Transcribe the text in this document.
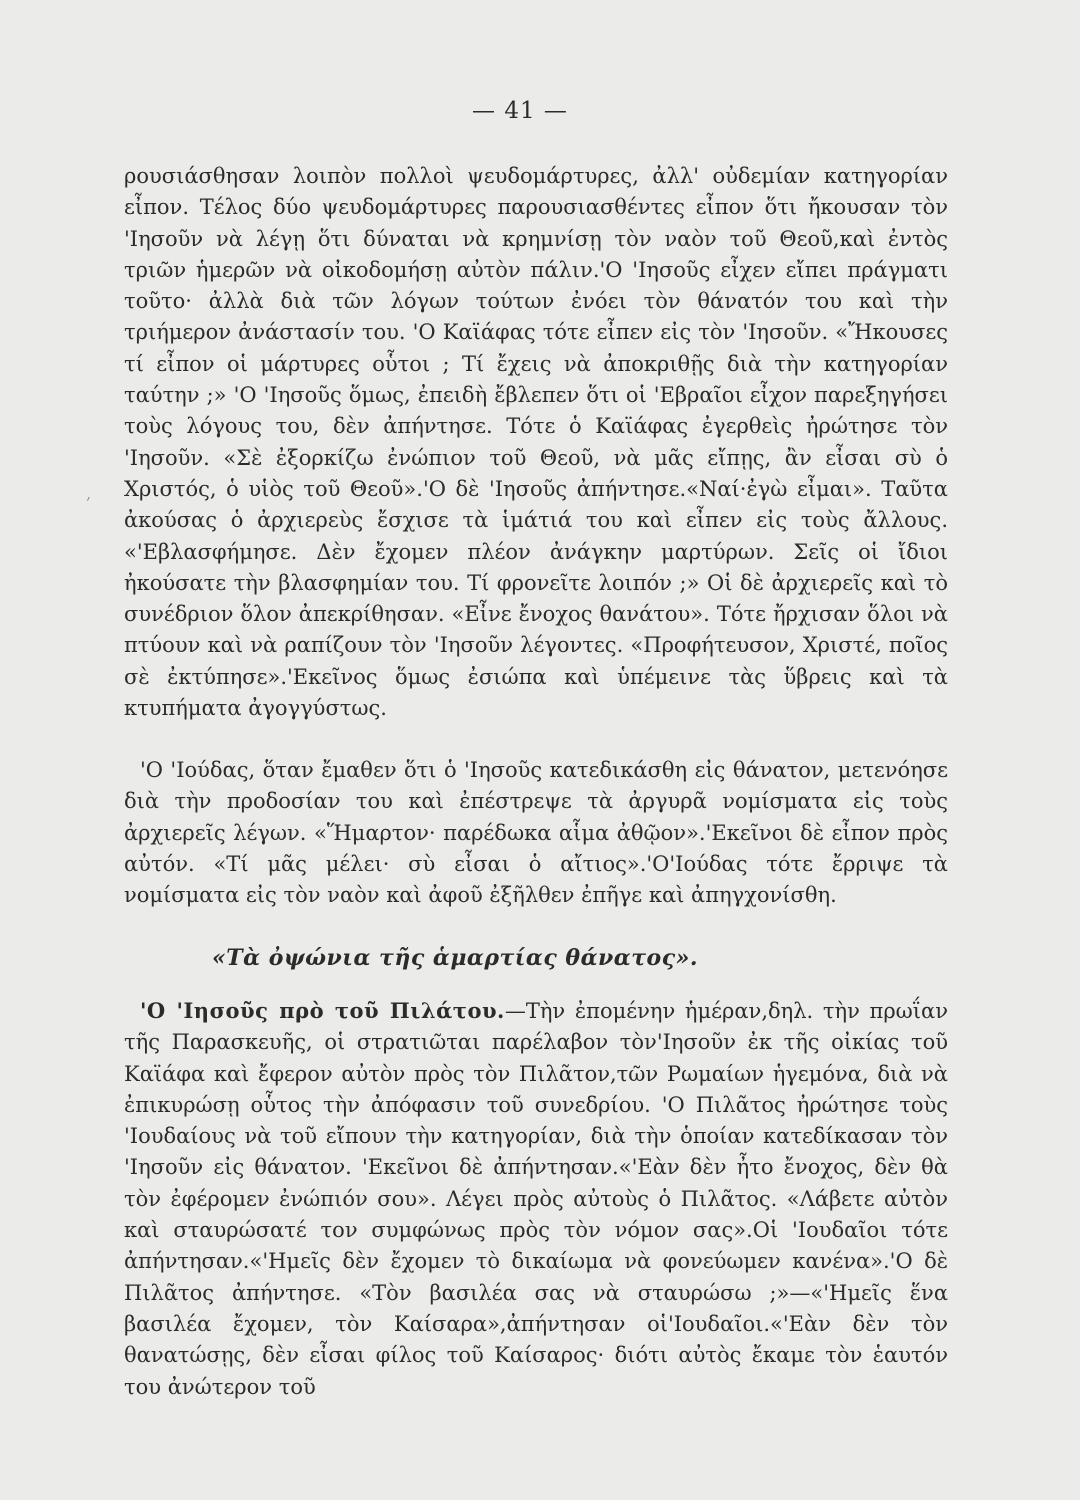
— 41 —
,
ρουσιάσθησαν λοιπὸν πολλοὶ ψευδομάρτυρες, ἀλλ' οὐδεμίαν κατηγορίαν εἶπον. Τέλος δύο ψευδομάρτυρες παρουσιασθέντες εἶπον ὅτι ἤκουσαν τὸν 'Ιησοῦν νὰ λέγῃ ὅτι δύναται νὰ κρημνίσῃ τὸν ναὸν τοῦ Θεοῦ,καὶ ἐντὸς τριῶν ἡμερῶν νὰ οἰκοδομήσῃ αὐτὸν πάλιν.'Ο 'Ιησοῦς εἶχεν εἴπει πράγματι τοῦτο· ἀλλὰ διὰ τῶν λόγων τούτων ἐνόει τὸν θάνατόν του καὶ τὴν τριήμερον ἀνάστασίν του. 'Ο Καϊάφας τότε εἶπεν εἰς τὸν 'Ιησοῦν. «Ἤκουσες τί εἶπον οἱ μάρτυρες οὗτοι ; Τί ἔχεις νὰ ἀποκριθῇς διὰ τὴν κατηγορίαν ταύτην ;» 'Ο 'Ιησοῦς ὅμως, ἐπειδὴ ἔβλεπεν ὅτι οἱ 'Εβραῖοι εἶχον παρεξηγήσει τοὺς λόγους του, δὲν ἀπήντησε. Τότε ὁ Καϊάφας ἐγερθεὶς ἠρώτησε τὸν 'Ιησοῦν. «Σὲ ἐξορκίζω ἐνώπιον τοῦ Θεοῦ, νὰ μᾶς εἴπῃς, ἂν εἶσαι σὺ ὁ Χριστός, ὁ υἱὸς τοῦ Θεοῦ».'Ο δὲ 'Ιησοῦς ἀπήντησε.«Ναί·ἐγὼ εἶμαι». Ταῦτα ἀκούσας ὁ ἀρχιερεὺς ἔσχισε τὰ ἱμάτιά του καὶ εἶπεν εἰς τοὺς ἄλλους. «'Εβλασφήμησε. Δὲν ἔχομεν πλέον ἀνάγκην μαρτύρων. Σεῖς οἱ ἴδιοι ἠκούσατε τὴν βλασφημίαν του. Τί φρονεῖτε λοιπόν ;» Οἱ δὲ ἀρχιερεῖς καὶ τὸ συνέδριον ὅλον ἀπεκρίθησαν. «Εἶνε ἔνοχος θανάτου». Τότε ἤρχισαν ὅλοι νὰ πτύουν καὶ νὰ ραπίζουν τὸν 'Ιησοῦν λέγοντες. «Προφήτευσον, Χριστέ, ποῖος σὲ ἐκτύπησε».'Εκεῖνος ὅμως ἐσιώπα καὶ ὑπέμεινε τὰς ὕβρεις καὶ τὰ κτυπήματα ἀγογγύστως.
'Ο 'Ιούδας, ὅταν ἔμαθεν ὅτι ὁ 'Ιησοῦς κατεδικάσθη εἰς θάνατον, μετενόησε διὰ τὴν προδοσίαν του καὶ ἐπέστρεψε τὰ ἀργυρᾶ νομίσματα εἰς τοὺς ἀρχιερεῖς λέγων. «Ἥμαρτον· παρέδωκα αἷμα ἀθῷον».'Εκεῖνοι δὲ εἶπον πρὸς αὐτόν. «Τί μᾶς μέλει· σὺ εἶσαι ὁ αἴτιος».'Ο'Ιούδας τότε ἔρριψε τὰ νομίσματα εἰς τὸν ναὸν καὶ ἀφοῦ ἐξῆλθεν ἐπῆγε καὶ ἀπηγχονίσθη.
«Τὰ ὀψώνια τῆς ἁμαρτίας θάνατος».
'Ο 'Ιησοῦς πρὸ τοῦ Πιλάτου.—Τὴν ἐπομένην ἡμέραν,δηλ. τὴν πρωΐαν τῆς Παρασκευῆς, οἱ στρατιῶται παρέλαβον τὸν'Ιησοῦν ἐκ τῆς οἰκίας τοῦ Καϊάφα καὶ ἔφερον αὐτὸν πρὸς τὸν Πιλᾶτον,τῶν Ρωμαίων ἡγεμόνα, διὰ νὰ ἐπικυρώσῃ οὗτος τὴν ἀπόφασιν τοῦ συνεδρίου. 'Ο Πιλᾶτος ἠρώτησε τοὺς 'Ιουδαίους νὰ τοῦ εἴπουν τὴν κατηγορίαν, διὰ τὴν ὁποίαν κατεδίκασαν τὸν 'Ιησοῦν εἰς θάνατον. 'Εκεῖνοι δὲ ἀπήντησαν.«'Εὰν δὲν ἦτο ἔνοχος, δὲν θὰ τὸν ἐφέρομεν ἐνώπιόν σου». Λέγει πρὸς αὐτοὺς ὁ Πιλᾶτος. «Λάβετε αὐτὸν καὶ σταυρώσατέ τον συμφώνως πρὸς τὸν νόμον σας».Οἱ 'Ιουδαῖοι τότε ἀπήντησαν.«'Ημεῖς δὲν ἔχομεν τὸ δικαίωμα νὰ φονεύωμεν κανένα».'Ο δὲ Πιλᾶτος ἀπήντησε. «Τὸν βασιλέα σας νὰ σταυρώσω ;»—«'Ημεῖς ἕνα βασιλέα ἔχομεν, τὸν Καίσαρα»,ἀπήντησαν οἱ'Ιουδαῖοι.«'Εὰν δὲν τὸν θανατώσῃς, δὲν εἶσαι φίλος τοῦ Καίσαρος· διότι αὐτὸς ἔκαμε τὸν ἑαυτόν του ἀνώτερον τοῦ
